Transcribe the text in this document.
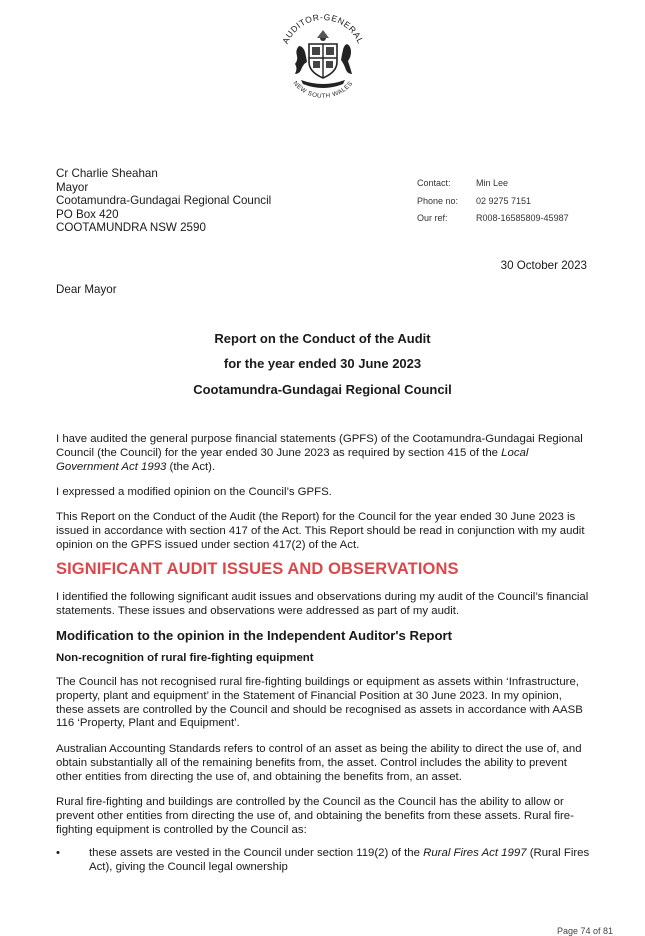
AUDITOR-GENERAL
NEW SOUTH WALES
Cr Charlie Sheahan
Mayor
Cootamundra-Gundagai Regional Council
PO Box 420
COOTAMUNDRA NSW 2590
Contact:	Min Lee
Phone no: 02 9275 7151
Our ref:	R008-16585809-45987
30 October 2023
Dear Mayor
Report on the Conduct of the Audit
for the year ended 30 June 2023
Cootamundra-Gundagai Regional Council

I have audited the general purpose financial statements (GPFS) of the Cootamundra-Gundagai Regional Council (the Council) for the year ended 30 June 2023 as required by section 415 of the Local Government Act 1993 (the Act).

I expressed a modified opinion on the Council’s GPFS.

This Report on the Conduct of the Audit (the Report) for the Council for the year ended 30 June 2023 is issued in accordance with section 417 of the Act. This Report should be read in conjunction with my audit opinion on the GPFS issued under section 417(2) of the Act.

SIGNIFICANT AUDIT ISSUES AND OBSERVATIONS

I identified the following significant audit issues and observations during my audit of the Council’s financial statements. These issues and observations were addressed as part of my audit.

Modification to the opinion in the Independent Auditor's Report
Non-recognition of rural fire-fighting equipment

The Council has not recognised rural fire-fighting buildings or equipment as assets within ‘Infrastructure, property, plant and equipment’ in the Statement of Financial Position at 30 June 2023. In my opinion, these assets are controlled by the Council and should be recognised as assets in accordance with AASB 116 ‘Property, Plant and Equipment’.

Australian Accounting Standards refers to control of an asset as being the ability to direct the use of, and obtain substantially all of the remaining benefits from, the asset. Control includes the ability to prevent other entities from directing the use of, and obtaining the benefits from, an asset.

Rural fire-fighting and buildings are controlled by the Council as the Council has the ability to allow or prevent other entities from directing the use of, and obtaining the benefits from these assets. Rural fire-fighting equipment is controlled by the Council as:

•	these assets are vested in the Council under section 119(2) of the Rural Fires Act 1997 (Rural Fires Act), giving the Council legal ownership
Page 74 of 81
